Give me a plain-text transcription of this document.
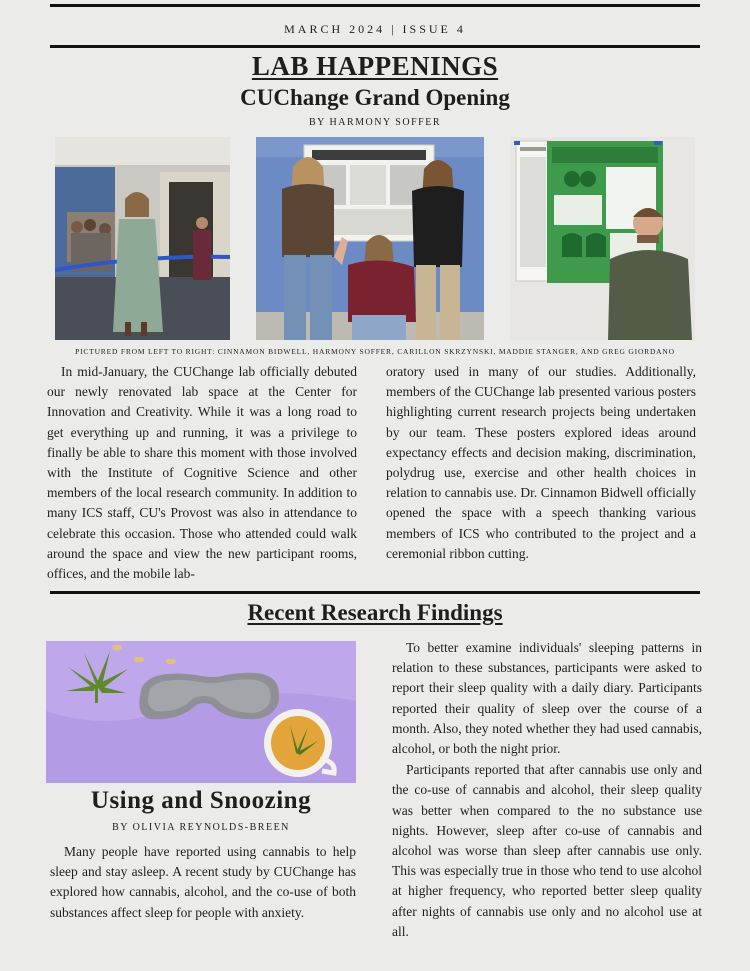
MARCH 2024 | ISSUE 4
LAB HAPPENINGS
CUChange Grand Opening
BY HARMONY SOFFER
PICTURED FROM LEFT TO RIGHT: CINNAMON BIDWELL, HARMONY SOFFER, CARILLON SKRZYNSKI, MADDIE STANGER, AND GREG GIORDANO

In mid-January, the CUChange lab officially debuted our newly renovated lab space at the Center for Innovation and Creativity. While it was a long road to get everything up and running, it was a privilege to finally be able to share this moment with those involved with the Institute of Cognitive Science and other members of the local research community. In addition to many ICS staff, CU's Provost was also in attendance to celebrate this occasion. Those who attended could walk around the space and view the new participant rooms, offices, and the mobile lab-

oratory used in many of our studies. Additionally, members of the CUChange lab presented various posters highlighting current research projects being undertaken by our team. These posters explored ideas around expectancy effects and decision making, discrimination, polydrug use, exercise and other health choices in relation to cannabis use. Dr. Cinnamon Bidwell officially opened the space with a speech thanking various members of ICS who contributed to the project and a ceremonial ribbon cutting.

Recent Research Findings
Using and Snoozing
BY OLIVIA REYNOLDS-BREEN

Many people have reported using cannabis to help sleep and stay asleep. A recent study by CUChange has explored how cannabis, alcohol, and the co-use of both substances affect sleep for people with anxiety.

To better examine individuals' sleeping patterns in relation to these substances, participants were asked to report their sleep quality with a daily diary. Participants reported their quality of sleep over the course of a month. Also, they noted whether they had used cannabis, alcohol, or both the night prior.

Participants reported that after cannabis use only and the co-use of cannabis and alcohol, their sleep quality was better when compared to the no substance use nights. However, sleep after co-use of cannabis and alcohol was worse than sleep after cannabis use only. This was especially true in those who tend to use alcohol at higher frequency, who reported better sleep quality after nights of cannabis use only and no alcohol use at all.
